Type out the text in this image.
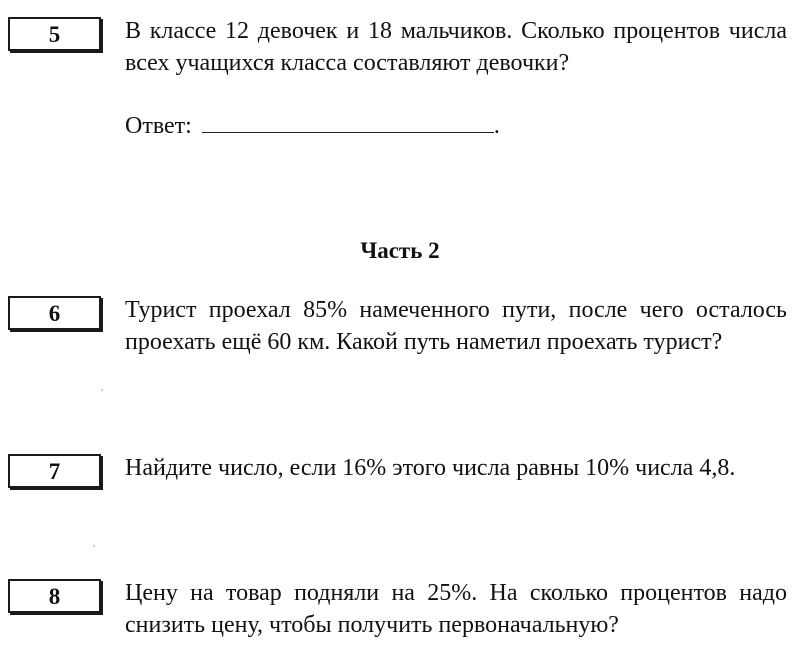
5	В классе 12 девочек и 18 мальчиков. Сколько процентов числа всех учащихся класса составляют девочки?
Ответ:	.
Часть 2
6	Турист проехал 85% намеченного пути, после чего осталось проехать ещё 60 км. Какой путь наметил проехать турист?
7	Найдите число, если 16% этого числа равны 10% числа 4,8.
8	Цену на товар подняли на 25%. На сколько процентов надо снизить цену, чтобы получить первоначальную?
